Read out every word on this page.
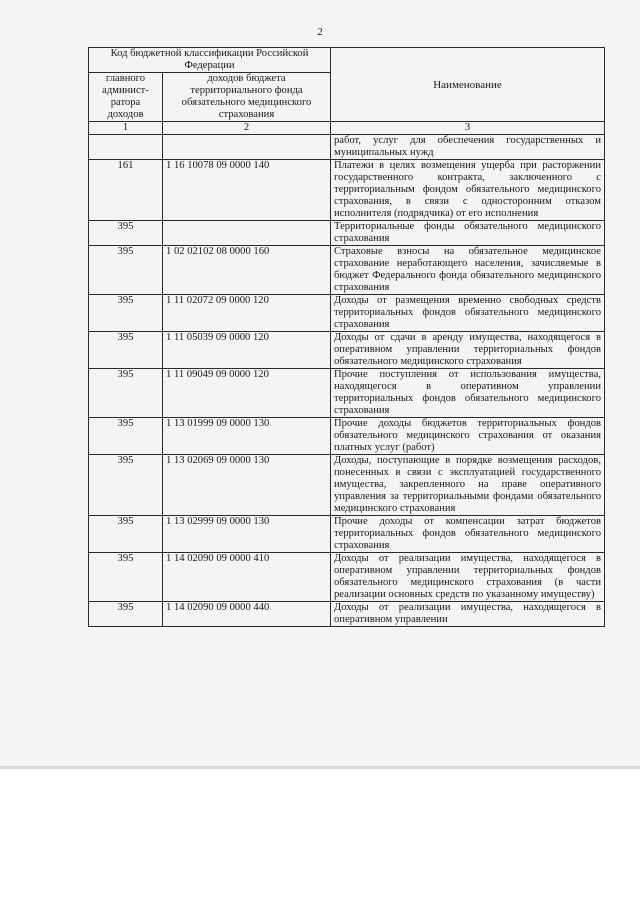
2
Код бюджетной классификации Российской Федерации		Наименование
главного админист-ратора доходов	доходов бюджета территориального фонда обязательного медицинского страхования	
1	2	3
		работ, услуг для обеспечения государственных и муниципальных нужд
161	1 16 10078 09 0000 140	Платежи в целях возмещения ущерба при расторжении государственного контракта, заключенного с территориальным фондом обязательного медицинского страхования, в связи с односторонним отказом исполнителя (подрядчика) от его исполнения
395		Территориальные фонды обязательного медицинского страхования
395	1 02 02102 08 0000 160	Страховые взносы на обязательное медицинское страхование неработающего населения, зачисляемые в бюджет Федерального фонда обязательного медицинского страхования
395	1 11 02072 09 0000 120	Доходы от размещения временно свободных средств территориальных фондов обязательного медицинского страхования
395	1 11 05039 09 0000 120	Доходы от сдачи в аренду имущества, находящегося в оперативном управлении территориальных фондов обязательного медицинского страхования
395	1 11 09049 09 0000 120	Прочие поступления от использования имущества, находящегося в оперативном управлении территориальных фондов обязательного медицинского страхования
395	1 13 01999 09 0000 130	Прочие доходы бюджетов территориальных фондов обязательного медицинского страхования от оказания платных услуг (работ)
395	1 13 02069 09 0000 130	Доходы, поступающие в порядке возмещения расходов, понесенных в связи с эксплуатацией государственного имущества, закрепленного на праве оперативного управления за территориальными фондами обязательного медицинского страхования
395	1 13 02999 09 0000 130	Прочие доходы от компенсации затрат бюджетов территориальных фондов обязательного медицинского страхования
395	1 14 02090 09 0000 410	Доходы от реализации имущества, находящегося в оперативном управлении территориальных фондов обязательного медицинского страхования (в части реализации основных средств по указанному имуществу)
395	1 14 02090 09 0000 440	Доходы от реализации имущества, находящегося в оперативном управлении
